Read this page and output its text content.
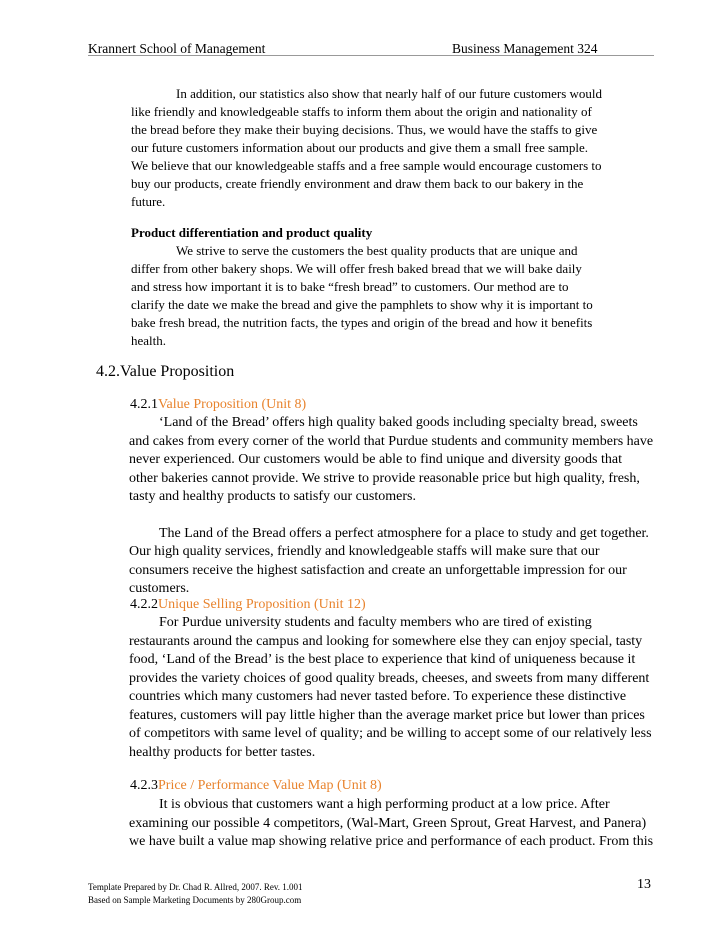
Krannert School of Management	Business Management 324

In addition, our statistics also show that nearly half of our future customers would like friendly and knowledgeable staffs to inform them about the origin and nationality of the bread before they make their buying decisions. Thus, we would have the staffs to give our future customers information about our products and give them a small free sample. We believe that our knowledgeable staffs and a free sample would encourage customers to buy our products, create friendly environment and draw them back to our bakery in the future.

Product differentiation and product quality

We strive to serve the customers the best quality products that are unique and differ from other bakery shops. We will offer fresh baked bread that we will bake daily and stress how important it is to bake “fresh bread” to customers. Our method are to clarify the date we make the bread and give the pamphlets to show why it is important to bake fresh bread, the nutrition facts, the types and origin of the bread and how it benefits health.

4.2.Value Proposition
4.2.1Value Proposition (Unit 8)

‘Land of the Bread’ offers high quality baked goods including specialty bread, sweets and cakes from every corner of the world that Purdue students and community members have never experienced. Our customers would be able to find unique and diversity goods that other bakeries cannot provide. We strive to provide reasonable price but high quality, fresh, tasty and healthy products to satisfy our customers.

The Land of the Bread offers a perfect atmosphere for a place to study and get together. Our high quality services, friendly and knowledgeable staffs will make sure that our consumers receive the highest satisfaction and create an unforgettable impression for our customers.

4.2.2Unique Selling Proposition (Unit 12)

For Purdue university students and faculty members who are tired of existing restaurants around the campus and looking for somewhere else they can enjoy special, tasty food, ‘Land of the Bread’ is the best place to experience that kind of uniqueness because it provides the variety choices of good quality breads, cheeses, and sweets from many different countries which many customers had never tasted before. To experience these distinctive features, customers will pay little higher than the average market price but lower than prices of competitors with same level of quality; and be willing to accept some of our relatively less healthy products for better tastes.

4.2.3Price / Performance Value Map (Unit 8)

It is obvious that customers want a high performing product at a low price. After examining our possible 4 competitors, (Wal-Mart, Green Sprout, Great Harvest, and Panera) we have built a value map showing relative price and performance of each product. From this

Template Prepared by Dr. Chad R. Allred, 2007. Rev. 1.001
Based on Sample Marketing Documents by 280Group.com
13
